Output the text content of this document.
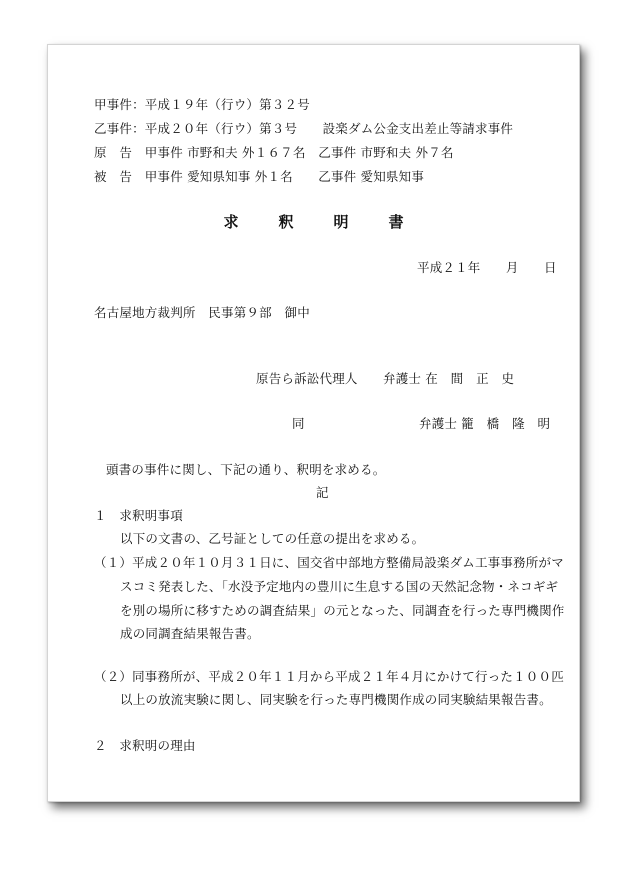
甲事件：平成１９年（行ウ）第３２号
乙事件：平成２０年（行ウ）第３号　　設楽ダム公金支出差止等請求事件
原　告　甲事件 市野和夫 外１６７名　乙事件 市野和夫 外７名
被　告　甲事件 愛知県知事 外１名　　乙事件 愛知県知事
求	釈	明	書
平成２１年　　月　　日
名古屋地方裁判所　民事第９部　御中
原告ら訴訟代理人　　弁護士 在　間　正　史
同　　　　　　　　　弁護士 籠　橋　隆　明
頭書の事件に関し、下記の通り、釈明を求める。
記
１　求釈明事項
以下の文書の、乙号証としての任意の提出を求める。
（１）平成２０年１０月３１日に、国交省中部地方整備局設楽ダム工事事務所がマ
スコミ発表した、「水没予定地内の豊川に生息する国の天然記念物・ネコギギ
を別の場所に移すための調査結果」の元となった、同調査を行った専門機関作
成の同調査結果報告書。
（２）同事務所が、平成２０年１１月から平成２１年４月にかけて行った１００匹
以上の放流実験に関し、同実験を行った専門機関作成の同実験結果報告書。
２　求釈明の理由
